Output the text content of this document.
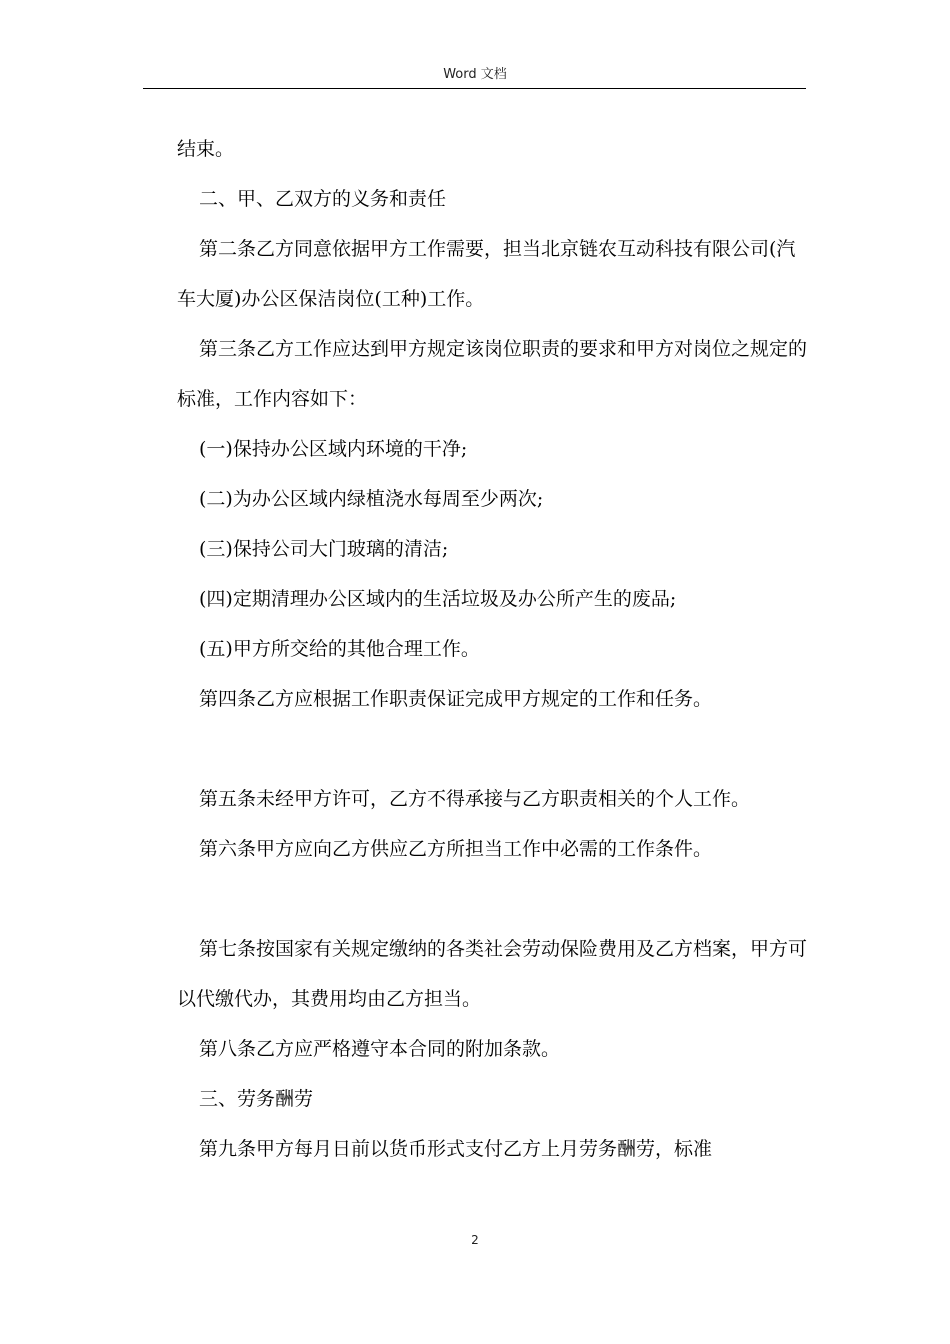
Word 文档

结束。

二、甲、乙双方的义务和责任

第二条乙方同意依据甲方工作需要，担当北京链农互动科技有限公司(汽车大厦)办公区保洁岗位(工种)工作。

第三条乙方工作应达到甲方规定该岗位职责的要求和甲方对岗位之规定的标准，工作内容如下：

(一)保持办公区域内环境的干净;

(二)为办公区域内绿植浇水每周至少两次;

(三)保持公司大门玻璃的清洁;

(四)定期清理办公区域内的生活垃圾及办公所产生的废品;

(五)甲方所交给的其他合理工作。

第四条乙方应根据工作职责保证完成甲方规定的工作和任务。

第五条未经甲方许可，乙方不得承接与乙方职责相关的个人工作。

第六条甲方应向乙方供应乙方所担当工作中必需的工作条件。

第七条按国家有关规定缴纳的各类社会劳动保险费用及乙方档案，甲方可以代缴代办，其费用均由乙方担当。

第八条乙方应严格遵守本合同的附加条款。

三、劳务酬劳

第九条甲方每月日前以货币形式支付乙方上月劳务酬劳，标准

2
